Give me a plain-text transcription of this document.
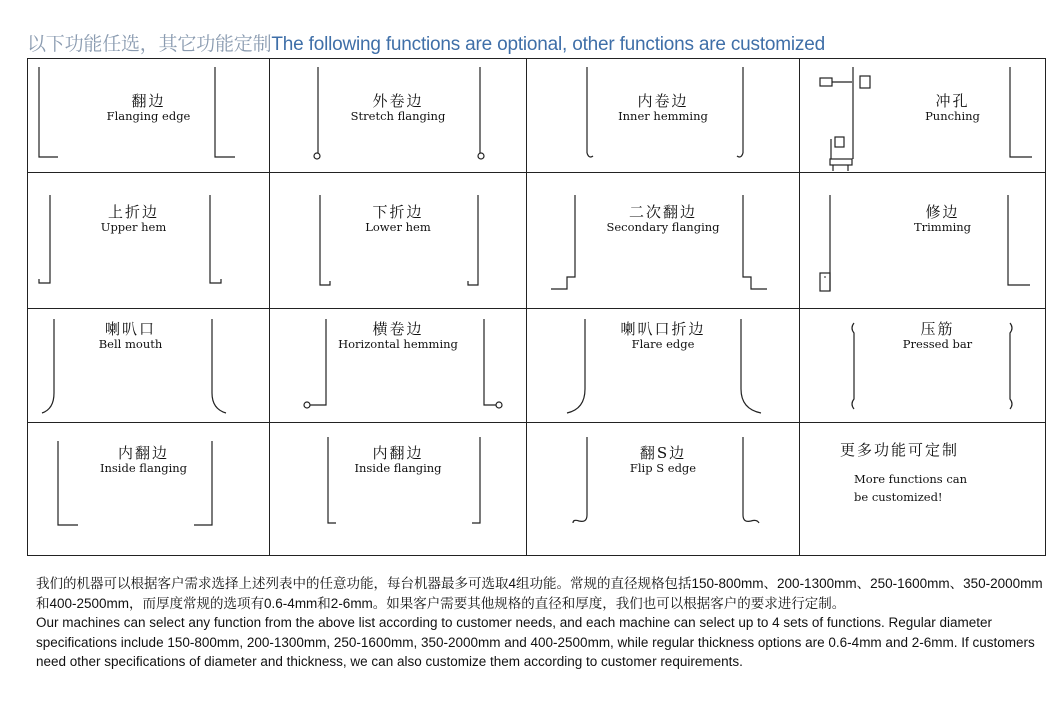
以下功能任选，其它功能定制The following functions are optional, other functions are customized
翻边
Flanging edge
外卷边
Stretch flanging
内卷边
Inner hemming
冲孔
Punching
上折边
Upper hem
下折边
Lower hem
二次翻边
Secondary flanging
修边
Trimming
喇叭口
Bell mouth
横卷边
Horizontal hemming
喇叭口折边
Flare edge
压筋
Pressed bar
内翻边
Inside flanging
内翻边
Inside flanging
翻S边
Flip S edge
更多功能可定制
More functions can
be customized!

我们的机器可以根据客户需求选择上述列表中的任意功能，每台机器最多可选取4组功能。常规的直径规格包括150-800mm、200-1300mm、250-1600mm、350-2000mm和400-2500mm，而厚度常规的选项有0.6-4mm和2-6mm。如果客户需要其他规格的直径和厚度，我们也可以根据客户的要求进行定制。

Our machines can select any function from the above list according to customer needs, and each machine can select up to 4 sets of functions. Regular diameter specifications include 150-800mm, 200-1300mm, 250-1600mm, 350-2000mm and 400-2500mm, while regular thickness options are 0.6-4mm and 2-6mm. If customers need other specifications of diameter and thickness, we can also customize them according to customer requirements.
